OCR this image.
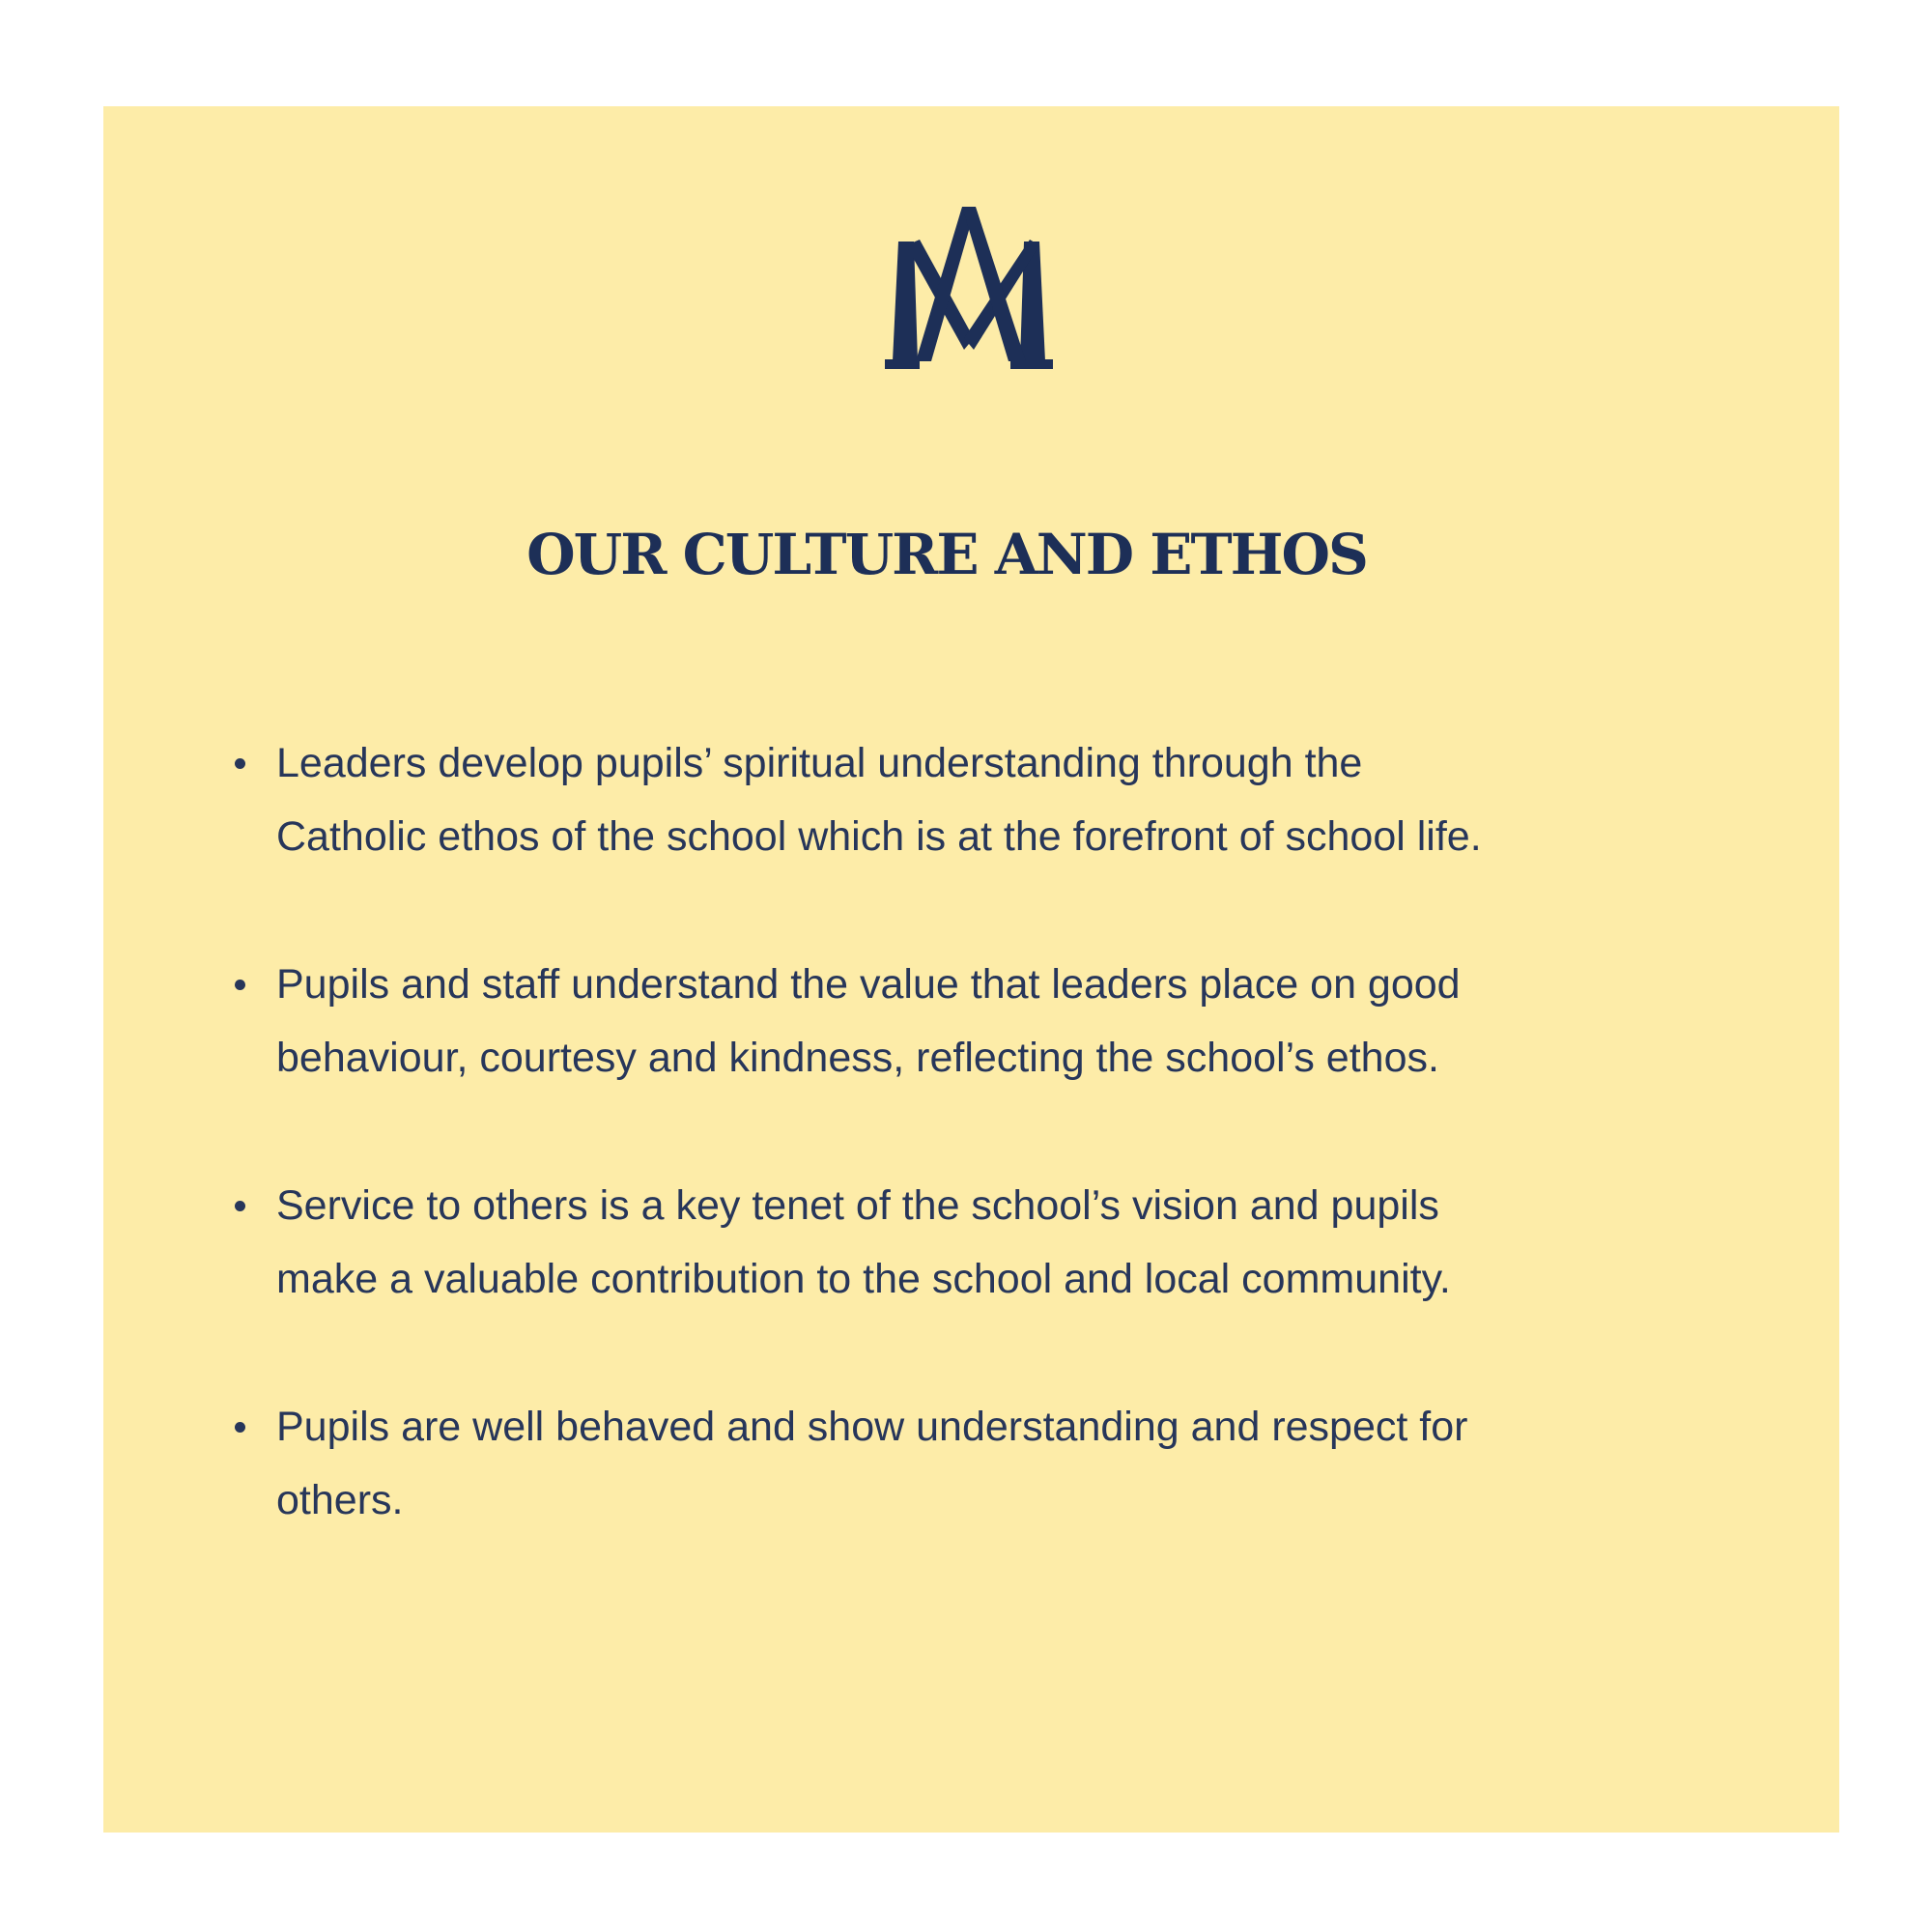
OUR CULTURE AND ETHOS
Leaders develop pupils’ spiritual understanding through the
Catholic ethos of the school which is at the forefront of school life.
Pupils and staff understand the value that leaders place on good
behaviour, courtesy and kindness, reflecting the school’s ethos.
Service to others is a key tenet of the school’s vision and pupils
make a valuable contribution to the school and local community.
Pupils are well behaved and show understanding and respect for
others.
